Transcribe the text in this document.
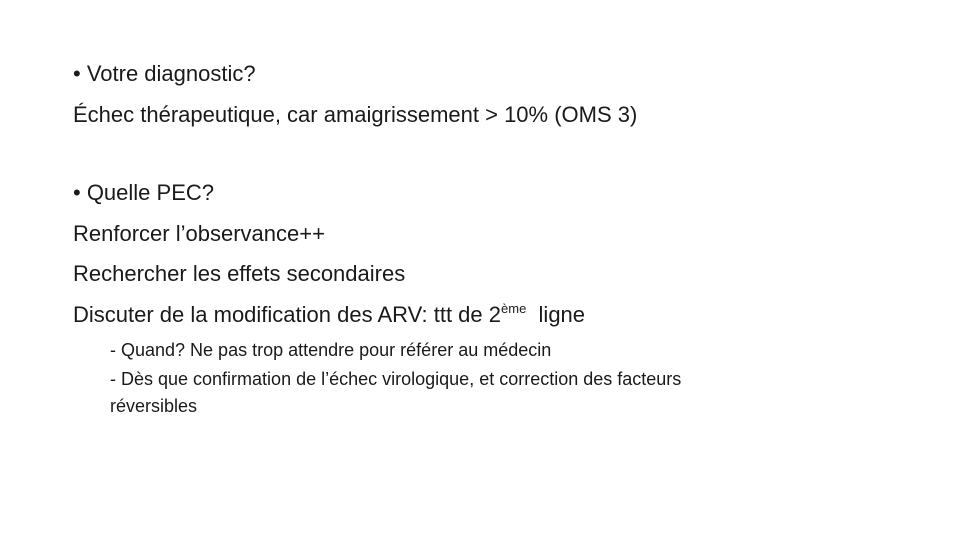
• Votre diagnostic?
Échec thérapeutique, car amaigrissement > 10% (OMS 3)
• Quelle PEC?
Renforcer l’observance++
Rechercher les effets secondaires
Discuter de la modification des ARV: ttt de 2ème  ligne
- Quand? Ne pas trop attendre pour référer au médecin
- Dès que confirmation de l’échec virologique, et correction des facteurs
réversibles
